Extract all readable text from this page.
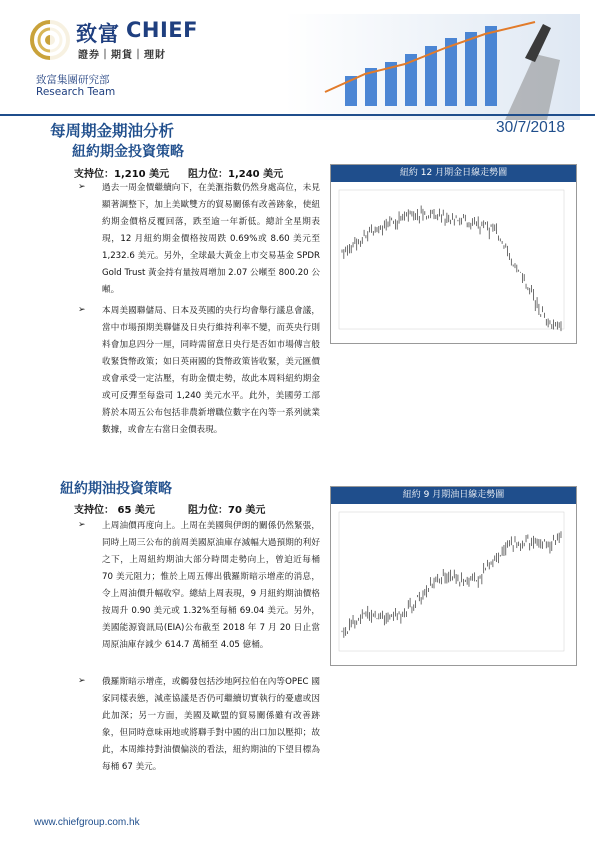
致富 CHIEF
證券｜期貨｜理財
致富集團研究部
Research Team
每周期金期油分析	30/7/2018
紐約期金投資策略
支持位：1,210 美元 阻力位：1,240 美元
➢ 過去一周金價繼續向下，在美滙指數仍然身處高位，未見顯著調整下，加上美歐雙方的貿易關係有改善跡象，使紐約期金價格反覆回落，跌至逾一年新低。總計全星期表現，12 月紐約期金價格按周跌 0.69%或 8.60 美元至 1,232.6 美元。另外，全球最大黃金上市交易基金 SPDR Gold Trust 黃金持有量按周增加 2.07 公噸至 800.20 公噸。
➢ 本周美國聯儲局、日本及英國的央行均會舉行議息會議，當中市場預期美聯儲及日央行維持利率不變，而英央行則料會加息四分一厘，同時需留意日央行是否如市場傳言般收緊貨幣政策；如日英兩國的貨幣政策皆收緊，美元匯價或會承受一定沽壓，有助金價走勢，故此本周料紐約期金或可反彈至每盎司 1,240 美元水平。此外，美國勞工部將於本周五公布包括非農新增職位數字在內等一系列就業數據，或會左右當日金價表現。
紐約 12 月期金日線走勢圖
紐約期油投資策略
支持位： 65 美元	阻力位：70 美元
➢ 上周油價再度向上。上周在美國與伊朗的關係仍然緊張，同時上周三公布的前周美國原油庫存減幅大過預期的利好之下，上周紐約期油大部分時間走勢向上，曾迫近每桶 70 美元阻力；惟於上周五傳出俄羅斯暗示增產的消息，令上周油價升幅收窄。總結上周表現，9 月紐約期油價格按周升 0.90 美元或 1.32%至每桶 69.04 美元。另外，美國能源資訊局(EIA)公布截至 2018 年 7 月 20 日止當周原油庫存減少 614.7 萬桶至 4.05 億桶。
➢ 俄羅斯暗示增產，或觸發包括沙地阿拉伯在內等OPEC 國家同樣表態，減產協議是否仍可繼續切實執行的憂慮或因此加深；另一方面，美國及歐盟的貿易關係雖有改善跡象，但同時意味兩地或將聯手對中國的出口加以壓抑；故此，本周維持對油價偏淡的看法，紐約期油的下望目標為每桶 67 美元。
紐約 9 月期油日線走勢圖
www.chiefgroup.com.hk
